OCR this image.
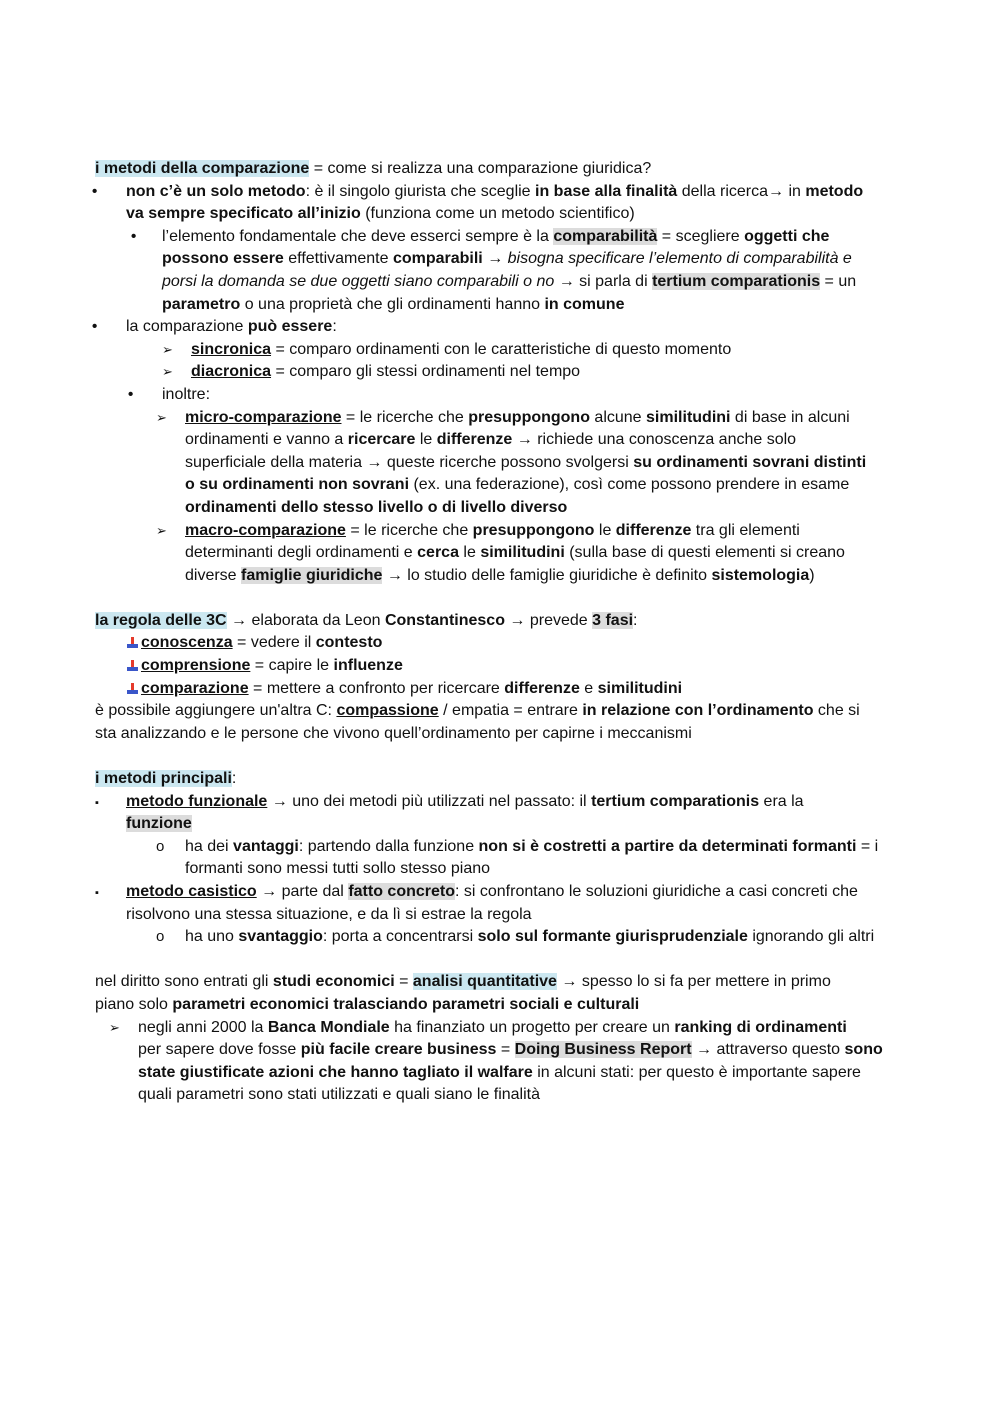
i metodi della comparazione = come si realizza una comparazione giuridica?
• non c’è un solo metodo: è il singolo giurista che sceglie in base alla finalità della ricerca→ in metodo
va sempre specificato all’inizio (funziona come un metodo scientifico)
• l’elemento fondamentale che deve esserci sempre è la comparabilità = scegliere oggetti che
possono essere effettivamente comparabili → bisogna specificare l’elemento di comparabilità e
porsi la domanda se due oggetti siano comparabili o no → si parla di tertium comparationis = un
parametro o una proprietà che gli ordinamenti hanno in comune
• la comparazione può essere:
➢ sincronica = comparo ordinamenti con le caratteristiche di questo momento
➢ diacronica = comparo gli stessi ordinamenti nel tempo
• inoltre:
➢ micro-comparazione = le ricerche che presuppongono alcune similitudini di base in alcuni
ordinamenti e vanno a ricercare le differenze → richiede una conoscenza anche solo
superficiale della materia → queste ricerche possono svolgersi su ordinamenti sovrani distinti
o su ordinamenti non sovrani (ex. una federazione), così come possono prendere in esame
ordinamenti dello stesso livello o di livello diverso
➢ macro-comparazione = le ricerche che presuppongono le differenze tra gli elementi
determinanti degli ordinamenti e cerca le similitudini (sulla base di questi elementi si creano
diverse famiglie giuridiche → lo studio delle famiglie giuridiche è definito sistemologia)
la regola delle 3C → elaborata da Leon Constantinesco → prevede 3 fasi:
conoscenza = vedere il contesto
comprensione = capire le influenze
comparazione = mettere a confronto per ricercare differenze e similitudini
è possibile aggiungere un'altra C: compassione / empatia = entrare in relazione con l’ordinamento che si
sta analizzando e le persone che vivono quell’ordinamento per capirne i meccanismi
i metodi principali:
▪ metodo funzionale → uno dei metodi più utilizzati nel passato: il tertium comparationis era la
funzione
o ha dei vantaggi: partendo dalla funzione non si è costretti a partire da determinati formanti = i
formanti sono messi tutti sollo stesso piano
▪ metodo casistico → parte dal fatto concreto: si confrontano le soluzioni giuridiche a casi concreti che
risolvono una stessa situazione, e da lì si estrae la regola
o ha uno svantaggio: porta a concentrarsi solo sul formante giurisprudenziale ignorando gli altri
nel diritto sono entrati gli studi economici = analisi quantitative → spesso lo si fa per mettere in primo
piano solo parametri economici tralasciando parametri sociali e culturali
➢ negli anni 2000 la Banca Mondiale ha finanziato un progetto per creare un ranking di ordinamenti
per sapere dove fosse più facile creare business = Doing Business Report → attraverso questo sono
state giustificate azioni che hanno tagliato il walfare in alcuni stati: per questo è importante sapere
quali parametri sono stati utilizzati e quali siano le finalità
